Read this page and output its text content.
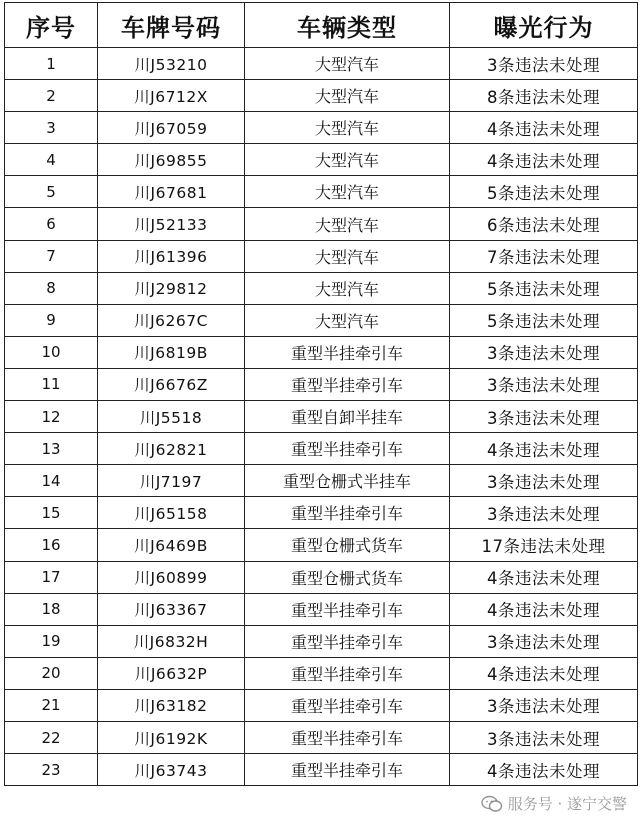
序号	车牌号码	车辆类型	曝光行为
1	川J53210	大型汽车	3条违法未处理
2	川J6712X	大型汽车	8条违法未处理
3	川J67059	大型汽车	4条违法未处理
4	川J69855	大型汽车	4条违法未处理
5	川J67681	大型汽车	5条违法未处理
6	川J52133	大型汽车	6条违法未处理
7	川J61396	大型汽车	7条违法未处理
8	川J29812	大型汽车	5条违法未处理
9	川J6267C	大型汽车	5条违法未处理
10	川J6819B	重型半挂牵引车	3条违法未处理
11	川J6676Z	重型半挂牵引车	3条违法未处理
12	川J5518	重型自卸半挂车	3条违法未处理
13	川J62821	重型半挂牵引车	4条违法未处理
14	川J7197	重型仓栅式半挂车	3条违法未处理
15	川J65158	重型半挂牵引车	3条违法未处理
16	川J6469B	重型仓栅式货车	17条违法未处理
17	川J60899	重型仓栅式货车	4条违法未处理
18	川J63367	重型半挂牵引车	4条违法未处理
19	川J6832H	重型半挂牵引车	3条违法未处理
20	川J6632P	重型半挂牵引车	4条违法未处理
21	川J63182	重型半挂牵引车	3条违法未处理
22	川J6192K	重型半挂牵引车	3条违法未处理
23	川J63743	重型半挂牵引车	4条违法未处理
服务号 · 遂宁交警
